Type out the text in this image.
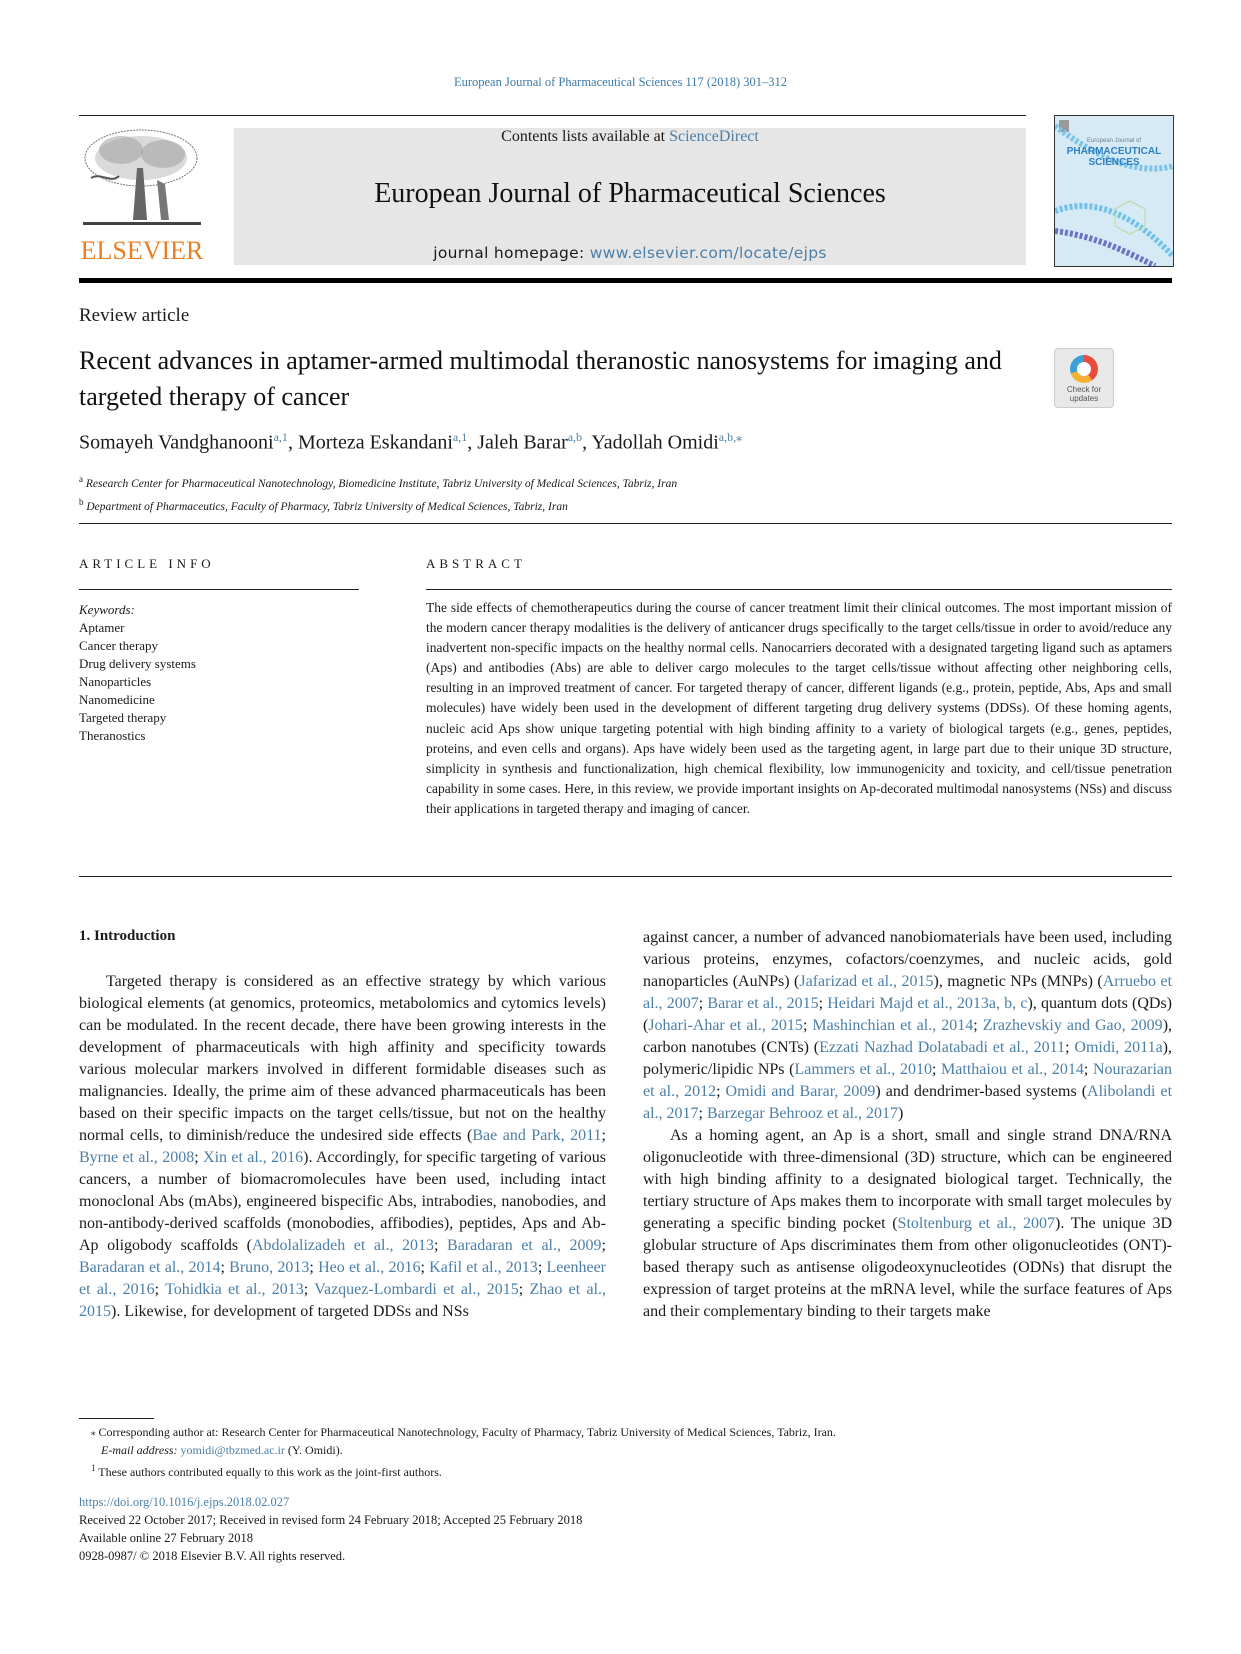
European Journal of Pharmaceutical Sciences 117 (2018) 301–312
ELSEVIER
Contents lists available at ScienceDirect
European Journal of Pharmaceutical Sciences
journal homepage: www.elsevier.com/locate/ejps
European Journal of
PHARMACEUTICAL
SCIENCES
Review article
Recent advances in aptamer-armed multimodal theranostic nanosystems for imaging and targeted therapy of cancer	Check for updates
Somayeh Vandghanooni$^{a,1}$, Morteza Eskandani$^{a,1}$, Jaleh Barar$^{a,b}$, Yadollah Omidi$^{a,b,⁎}$
$^a$ Research Center for Pharmaceutical Nanotechnology, Biomedicine Institute, Tabriz University of Medical Sciences, Tabriz, Iran
$^b$ Department of Pharmaceutics, Faculty of Pharmacy, Tabriz University of Medical Sciences, Tabriz, Iran
ARTICLE INFO
Keywords:
Aptamer
Cancer therapy
Drug delivery systems
Nanoparticles
Nanomedicine
Targeted therapy
Theranostics
ABSTRACT
The side effects of chemotherapeutics during the course of cancer treatment limit their clinical outcomes. The most important mission of the modern cancer therapy modalities is the delivery of anticancer drugs specifically to the target cells/tissue in order to avoid/reduce any inadvertent non-specific impacts on the healthy normal cells. Nanocarriers decorated with a designated targeting ligand such as aptamers (Aps) and antibodies (Abs) are able to deliver cargo molecules to the target cells/tissue without affecting other neighboring cells, resulting in an improved treatment of cancer. For targeted therapy of cancer, different ligands (e.g., protein, peptide, Abs, Aps and small molecules) have widely been used in the development of different targeting drug delivery systems (DDSs). Of these homing agents, nucleic acid Aps show unique targeting potential with high binding affinity to a variety of biological targets (e.g., genes, peptides, proteins, and even cells and organs). Aps have widely been used as the targeting agent, in large part due to their unique 3D structure, simplicity in synthesis and functionalization, high chemical flexibility, low immunogenicity and toxicity, and cell/tissue penetration capability in some cases. Here, in this review, we provide important insights on Ap-decorated multimodal nanosystems (NSs) and discuss their applications in targeted therapy and imaging of cancer.
1. Introduction

Targeted therapy is considered as an effective strategy by which various biological elements (at genomics, proteomics, metabolomics and cytomics levels) can be modulated. In the recent decade, there have been growing interests in the development of pharmaceuticals with high affinity and specificity towards various molecular markers involved in different formidable diseases such as malignancies. Ideally, the prime aim of these advanced pharmaceuticals has been based on their specific impacts on the target cells/tissue, but not on the healthy normal cells, to diminish/reduce the undesired side effects (Bae and Park, 2011; Byrne et al., 2008; Xin et al., 2016). Accordingly, for specific targeting of various cancers, a number of biomacromolecules have been used, including intact monoclonal Abs (mAbs), engineered bispecific Abs, intrabodies, nanobodies, and non-antibody-derived scaffolds (monobodies, affibodies), peptides, Aps and Ab-Ap oligobody scaffolds (Abdolalizadeh et al., 2013; Baradaran et al., 2009; Baradaran et al., 2014; Bruno, 2013; Heo et al., 2016; Kafil et al., 2013; Leenheer et al., 2016; Tohidkia et al., 2013; Vazquez-Lombardi et al., 2015; Zhao et al., 2015). Likewise, for development of targeted DDSs and NSs

against cancer, a number of advanced nanobiomaterials have been used, including various proteins, enzymes, cofactors/coenzymes, and nucleic acids, gold nanoparticles (AuNPs) (Jafarizad et al., 2015), magnetic NPs (MNPs) (Arruebo et al., 2007; Barar et al., 2015; Heidari Majd et al., 2013a, b, c), quantum dots (QDs) (Johari-Ahar et al., 2015; Mashinchian et al., 2014; Zrazhevskiy and Gao, 2009), carbon nanotubes (CNTs) (Ezzati Nazhad Dolatabadi et al., 2011; Omidi, 2011a), polymeric/lipidic NPs (Lammers et al., 2010; Matthaiou et al., 2014; Nourazarian et al., 2012; Omidi and Barar, 2009) and dendrimer-based systems (Alibolandi et al., 2017; Barzegar Behrooz et al., 2017)

As a homing agent, an Ap is a short, small and single strand DNA/RNA oligonucleotide with three-dimensional (3D) structure, which can be engineered with high binding affinity to a designated biological target. Technically, the tertiary structure of Aps makes them to incorporate with small target molecules by generating a specific binding pocket (Stoltenburg et al., 2007). The unique 3D globular structure of Aps discriminates them from other oligonucleotides (ONT)-based therapy such as antisense oligodeoxynucleotides (ODNs) that disrupt the expression of target proteins at the mRNA level, while the surface features of Aps and their complementary binding to their targets make

⁎ Corresponding author at: Research Center for Pharmaceutical Nanotechnology, Faculty of Pharmacy, Tabriz University of Medical Sciences, Tabriz, Iran.
E-mail address: yomidi@tbzmed.ac.ir (Y. Omidi).
$^1$ These authors contributed equally to this work as the joint-first authors.
https://doi.org/10.1016/j.ejps.2018.02.027
Received 22 October 2017; Received in revised form 24 February 2018; Accepted 25 February 2018
Available online 27 February 2018
0928-0987/ © 2018 Elsevier B.V. All rights reserved.
